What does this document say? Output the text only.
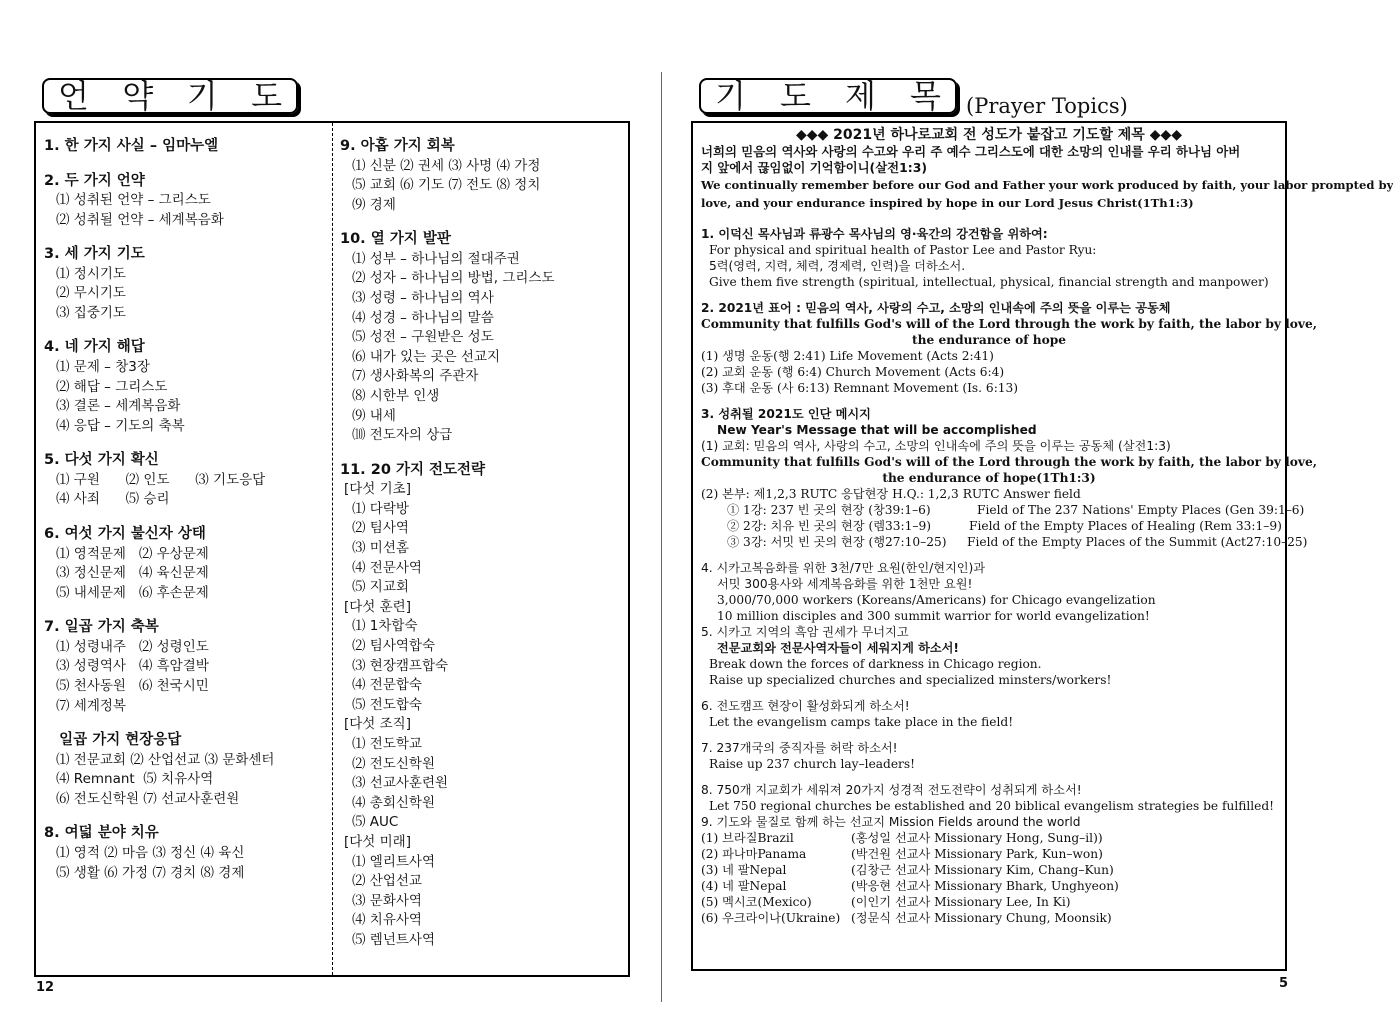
언 약 기 도
1. 한 가지 사실 – 임마누엘
2. 두 가지 언약
⑴ 성취된 언약 – 그리스도
⑵ 성취될 언약 – 세계복음화
3. 세 가지 기도
⑴ 정시기도
⑵ 무시기도
⑶ 집중기도
4. 네 가지 해답
⑴ 문제 – 창3장
⑵ 해답 – 그리스도
⑶ 결론 – 세계복음화
⑷ 응답 – 기도의 축복
5. 다섯 가지 확신
⑴ 구원      ⑵ 인도      ⑶ 기도응답
⑷ 사죄      ⑸ 승리
6. 여섯 가지 불신자 상태
⑴ 영적문제   ⑵ 우상문제
⑶ 정신문제   ⑷ 육신문제
⑸ 내세문제   ⑹ 후손문제
7. 일곱 가지 축복
⑴ 성령내주   ⑵ 성령인도
⑶ 성령역사   ⑷ 흑암결박
⑸ 천사동원   ⑹ 천국시민
⑺ 세계정복
일곱 가지 현장응답
⑴ 전문교회 ⑵ 산업선교 ⑶ 문화센터
⑷ Remnant  ⑸ 치유사역
⑹ 전도신학원 ⑺ 선교사훈련원
8. 여덟 분야 치유
⑴ 영적 ⑵ 마음 ⑶ 정신 ⑷ 육신
⑸ 생활 ⑹ 가정 ⑺ 경치 ⑻ 경제
9. 아홉 가지 회복
⑴ 신분 ⑵ 권세 ⑶ 사명 ⑷ 가정
⑸ 교회 ⑹ 기도 ⑺ 전도 ⑻ 정치
⑼ 경제
10. 열 가지 발판
⑴ 성부 – 하나님의 절대주권
⑵ 성자 – 하나님의 방법, 그리스도
⑶ 성령 – 하나님의 역사
⑷ 성경 – 하나님의 말씀
⑸ 성전 – 구원받은 성도
⑹ 내가 있는 곳은 선교지
⑺ 생사화복의 주관자
⑻ 시한부 인생
⑼ 내세
⑽ 전도자의 상급
11. 20 가지 전도전략
[다섯 기초]
⑴ 다락방
⑵ 팀사역
⑶ 미션홈
⑷ 전문사역
⑸ 지교회
[다섯 훈련]
⑴ 1차합숙
⑵ 팀사역합숙
⑶ 현장캠프합숙
⑷ 전문합숙
⑸ 전도합숙
[다섯 조직]
⑴ 전도학교
⑵ 전도신학원
⑶ 선교사훈련원
⑷ 총회신학원
⑸ AUC
[다섯 미래]
⑴ 엘리트사역
⑵ 산업선교
⑶ 문화사역
⑷ 치유사역
⑸ 렘넌트사역
12
기 도 제 목 (Prayer Topics)
◆◆◆ 2021년 하나로교회 전 성도가 붙잡고 기도할 제목 ◆◆◆
너희의 믿음의 역사와 사랑의 수고와 우리 주 예수 그리스도에 대한 소망의 인내를 우리 하나님 아버
지 앞에서 끊임없이 기억함이니(살전1:3)
We continually remember before our God and Father your work produced by faith, your labor prompted by
love, and your endurance inspired by hope in our Lord Jesus Christ(1Th1:3)
1. 이덕신 목사님과 류광수 목사님의 영·육간의 강건함을 위하여:
For physical and spiritual health of Pastor Lee and Pastor Ryu:
5력(영력, 지력, 체력, 경제력, 인력)을 더하소서.
Give them five strength (spiritual, intellectual, physical, financial strength and manpower)
2. 2021년 표어 : 믿음의 역사, 사랑의 수고, 소망의 인내속에 주의 뜻을 이루는 공동체
Community that fulfills God's will of the Lord through the work by faith, the labor by love,
the endurance of hope
(1) 생명 운동(행 2:41) Life Movement (Acts 2:41)
(2) 교회 운동 (행 6:4) Church Movement (Acts 6:4)
(3) 후대 운동 (사 6:13) Remnant Movement (Is. 6:13)
3. 성취될 2021도 인단 메시지
New Year's Message that will be accomplished
(1) 교회: 믿음의 역사, 사랑의 수고, 소망의 인내속에 주의 뜻을 이루는 공동체 (살전1:3)
Community that fulfills God's will of the Lord through the work by faith, the labor by love,
the endurance of hope(1Th1:3)
(2) 본부: 제1,2,3 RUTC 응답현장 H.Q.: 1,2,3 RUTC Answer field
① 1강: 237 빈 곳의 현장 (창39:1–6)	Field of The 237 Nations' Empty Places (Gen 39:1–6)
② 2강: 치유 빈 곳의 현장 (렘33:1–9)	Field of the Empty Places of Healing (Rem 33:1–9)
③ 3강: 서밋 빈 곳의 현장 (행27:10–25) Field of the Empty Places of the Summit (Act27:10–25)
4. 시카고복음화를 위한 3천/7만 요원(한인/현지인)과
서밋 300용사와 세계복음화를 위한 1천만 요원!
3,000/70,000 workers (Koreans/Americans) for Chicago evangelization
10 million disciples and 300 summit warrior for world evangelization!
5. 시카고 지역의 흑암 권세가 무너지고
전문교회와 전문사역자들이 세워지게 하소서!
Break down the forces of darkness in Chicago region.
Raise up specialized churches and specialized minsters/workers!
6. 전도캠프 현장이 활성화되게 하소서!
Let the evangelism camps take place in the field!
7. 237개국의 중직자를 허락 하소서!
Raise up 237 church lay–leaders!
8. 750개 지교회가 세워져 20가지 성경적 전도전략이 성취되게 하소서!
Let 750 regional churches be established and 20 biblical evangelism strategies be fulfilled!
9. 기도와 물질로 함께 하는 선교지 Mission Fields around the world
(1) 브라질Brazil	(홍성일 선교사 Missionary Hong, Sung–il))
(2) 파나마Panama	(박건원 선교사 Missionary Park, Kun–won)
(3) 네 팔Nepal	(김창근 선교사 Missionary Kim, Chang–Kun)
(4) 네 팔Nepal	(박응현 선교사 Missionary Bhark, Unghyeon)
(5) 멕시코(Mexico)	(이인기 선교사 Missionary Lee, In Ki)
(6) 우크라이나(Ukraine) (정문식 선교사 Missionary Chung, Moonsik)
5
